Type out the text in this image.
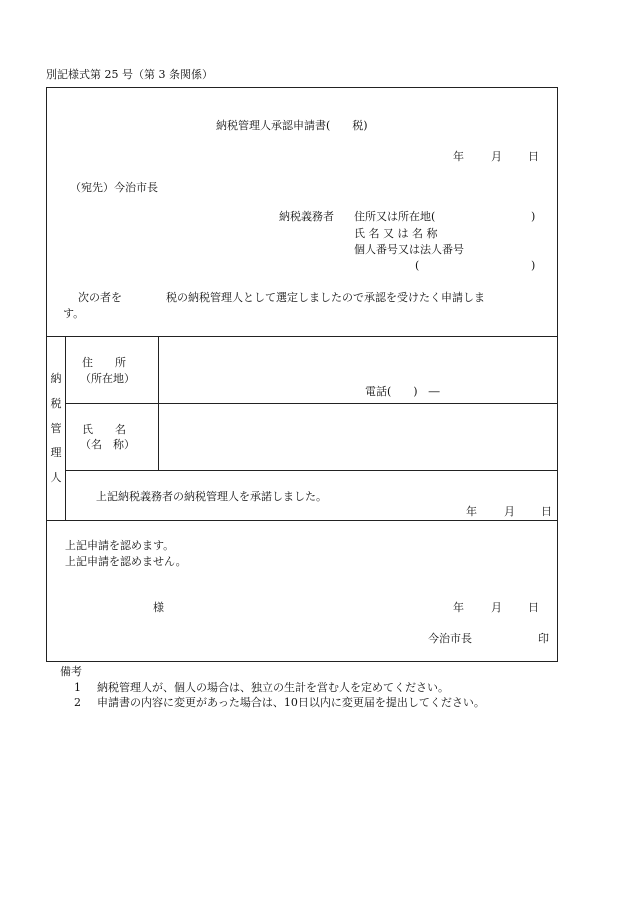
別記様式第 25 号（第 3 条関係）
納税管理人承認申請書(　　税)
年 月 日
（宛先）今治市長
納税義務者 住所又は所在地(	)
氏 名 又 は 名 称
個人番号又は法人番号
(	)
次の者を　　　　税の納税管理人として選定しましたので承認を受けたく申請しま
す。
納
税
管
理
人
住　　所
（所在地）
電話(　　)　―
氏　　名
（名　称）
上記納税義務者の納税管理人を承諾しました。
年 月 日
上記申請を認めます。
上記申請を認めません。
様	年 月 日
今治市長	印
備考
1 納税管理人が、個人の場合は、独立の生計を営む人を定めてください。
2 申請書の内容に変更があった場合は、10日以内に変更届を提出してください。
